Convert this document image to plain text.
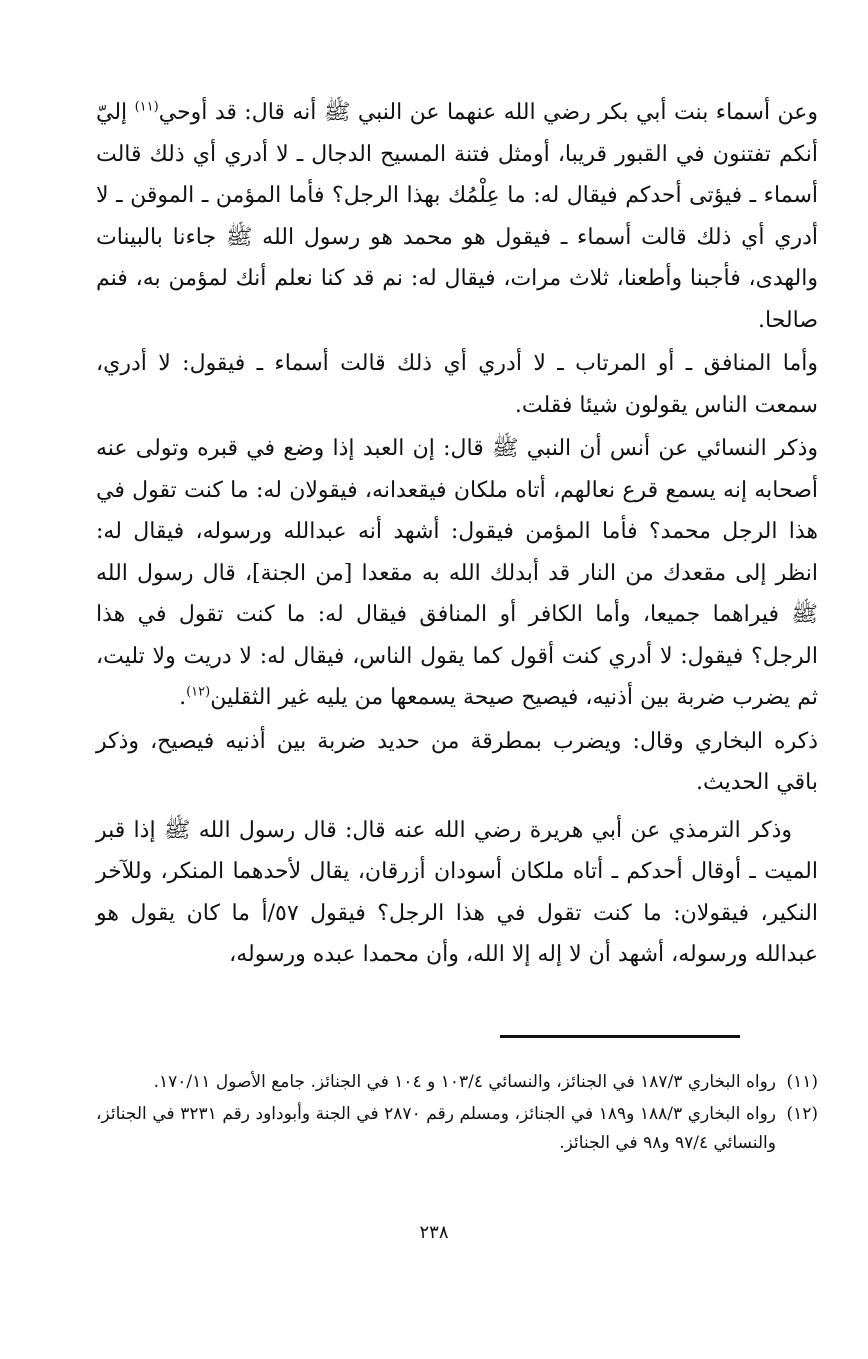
وعن أسماء بنت أبي بكر رضي الله عنهما عن النبي ﷺ أنه قال: قد أوحي$^{(١١)}$ إليّ أنكم تفتنون في القبور قريبا، أومثل فتنة المسيح الدجال ـ لا أدري أي ذلك قالت أسماء ـ فيؤتى أحدكم فيقال له: ما عِلْمُك بهذا الرجل؟ فأما المؤمن ـ الموقن ـ لا أدري أي ذلك قالت أسماء ـ فيقول هو محمد هو رسول الله ﷺ جاءنا بالبينات والهدى، فأجبنا وأطعنا، ثلاث مرات، فيقال له: نم قد كنا نعلم أنك لمؤمن به، فنم صالحا.

وأما المنافق ـ أو المرتاب ـ لا أدري أي ذلك قالت أسماء ـ فيقول: لا أدري، سمعت الناس يقولون شيئا فقلت.

وذكر النسائي عن أنس أن النبي ﷺ قال: إن العبد إذا وضع في قبره وتولى عنه أصحابه إنه يسمع قرع نعالهم، أتاه ملكان فيقعدانه، فيقولان له: ما كنت تقول في هذا الرجل محمد؟ فأما المؤمن فيقول: أشهد أنه عبدالله ورسوله، فيقال له: انظر إلى مقعدك من النار قد أبدلك الله به مقعدا [من الجنة]، قال رسول الله ﷺ فيراهما جميعا، وأما الكافر أو المنافق فيقال له: ما كنت تقول في هذا الرجل؟ فيقول: لا أدري كنت أقول كما يقول الناس، فيقال له: لا دريت ولا تليت، ثم يضرب ضربة بين أذنيه، فيصيح صيحة يسمعها من يليه غير الثقلين$^{(١٢)}$.

ذكره البخاري وقال: ويضرب بمطرقة من حديد ضربة بين أذنيه فيصيح، وذكر باقي الحديث.

وذكر الترمذي عن أبي هريرة رضي الله عنه قال: قال رسول الله ﷺ إذا قبر الميت ـ أوقال أحدكم ـ أتاه ملكان أسودان أزرقان، يقال لأحدهما المنكر، وللآخر النكير، فيقولان: ما كنت تقول في هذا الرجل؟ فيقول ٥٧/أ ما كان يقول هو عبدالله ورسوله، أشهد أن لا إله إلا الله، وأن محمدا عبده ورسوله،

(١١)
رواه البخاري ١٨٧/٣ في الجنائز، والنسائي ١٠٣/٤ و ١٠٤ في الجنائز. جامع الأصول ١٧٠/١١.
(١٢)
رواه البخاري ١٨٨/٣ و١٨٩ في الجنائز، ومسلم رقم ٢٨٧٠ في الجنة وأبوداود رقم ٣٢٣١ في الجنائز، والنسائي ٩٧/٤ و٩٨ في الجنائز.
٢٣٨
